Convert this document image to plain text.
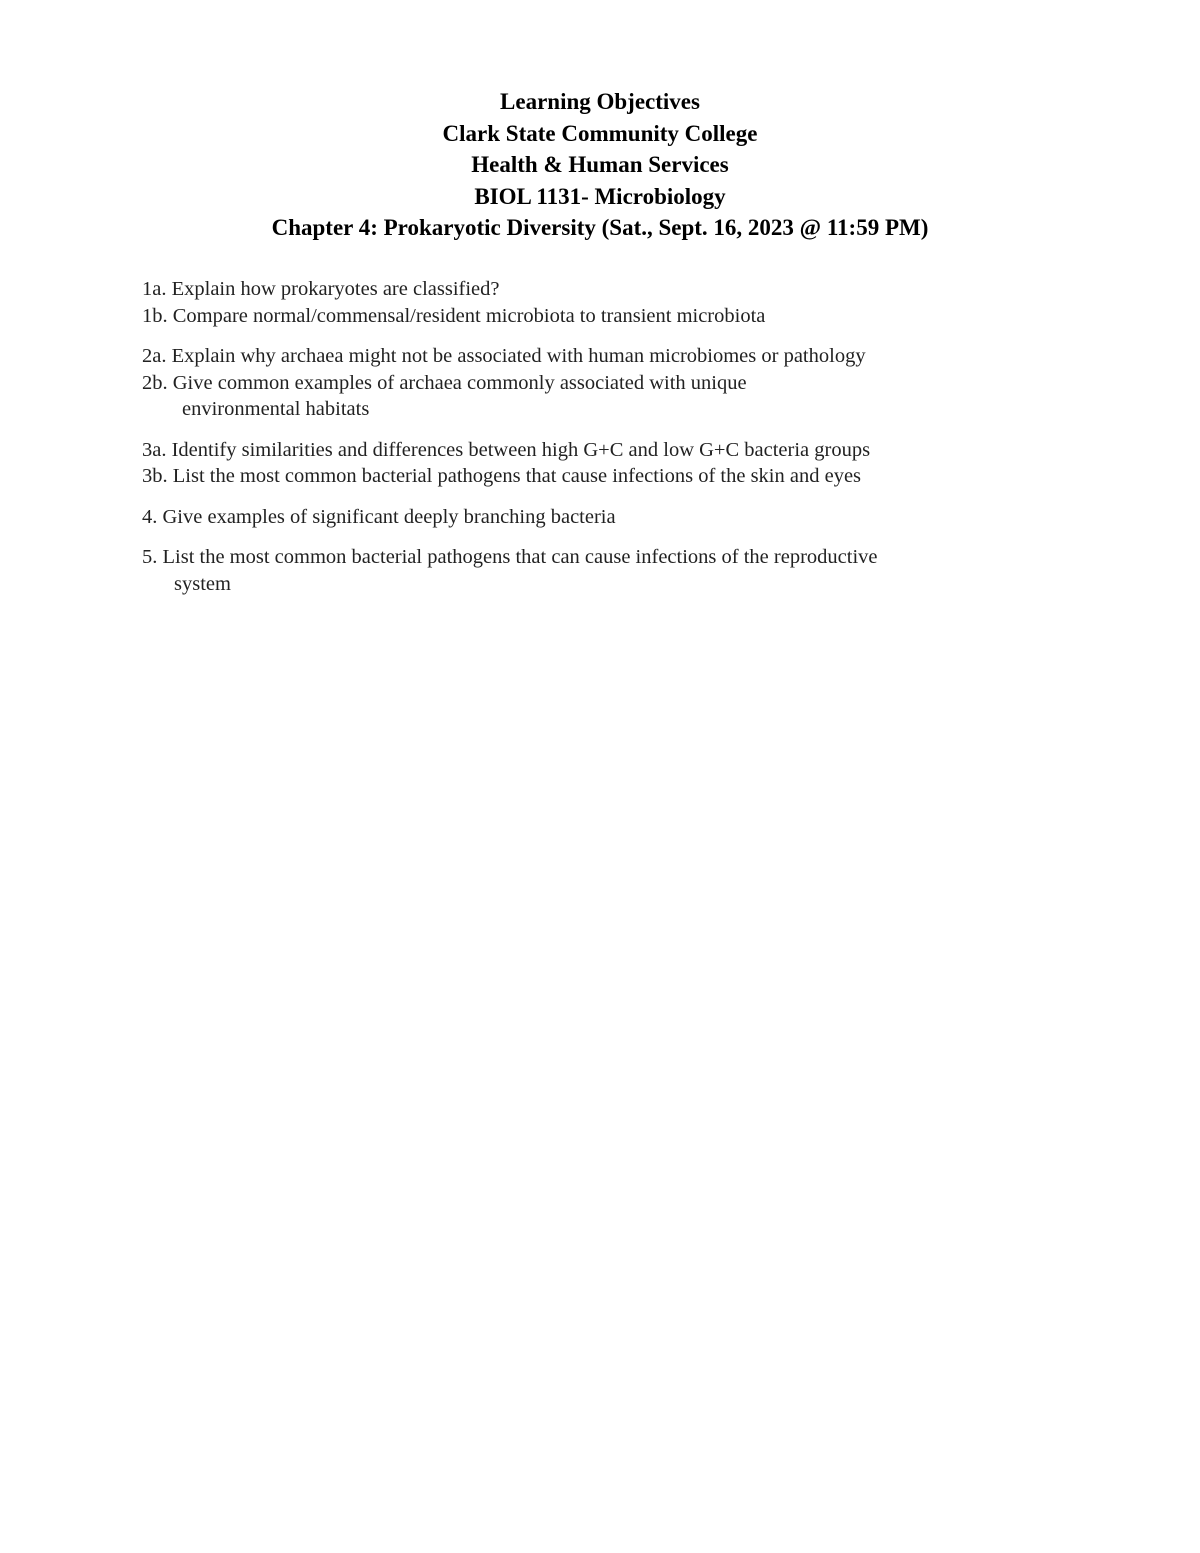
Learning Objectives
Clark State Community College
Health & Human Services
BIOL 1131- Microbiology
Chapter 4: Prokaryotic Diversity (Sat., Sept. 16, 2023 @ 11:59 PM)
1a. Explain how prokaryotes are classified?
1b. Compare normal/commensal/resident microbiota to transient microbiota
2a. Explain why archaea might not be associated with human microbiomes or pathology
2b. Give common examples of archaea commonly associated with unique
environmental habitats
3a. Identify similarities and differences between high G+C and low G+C bacteria groups
3b. List the most common bacterial pathogens that cause infections of the skin and eyes
4. Give examples of significant deeply branching bacteria
5. List the most common bacterial pathogens that can cause infections of the reproductive
system
